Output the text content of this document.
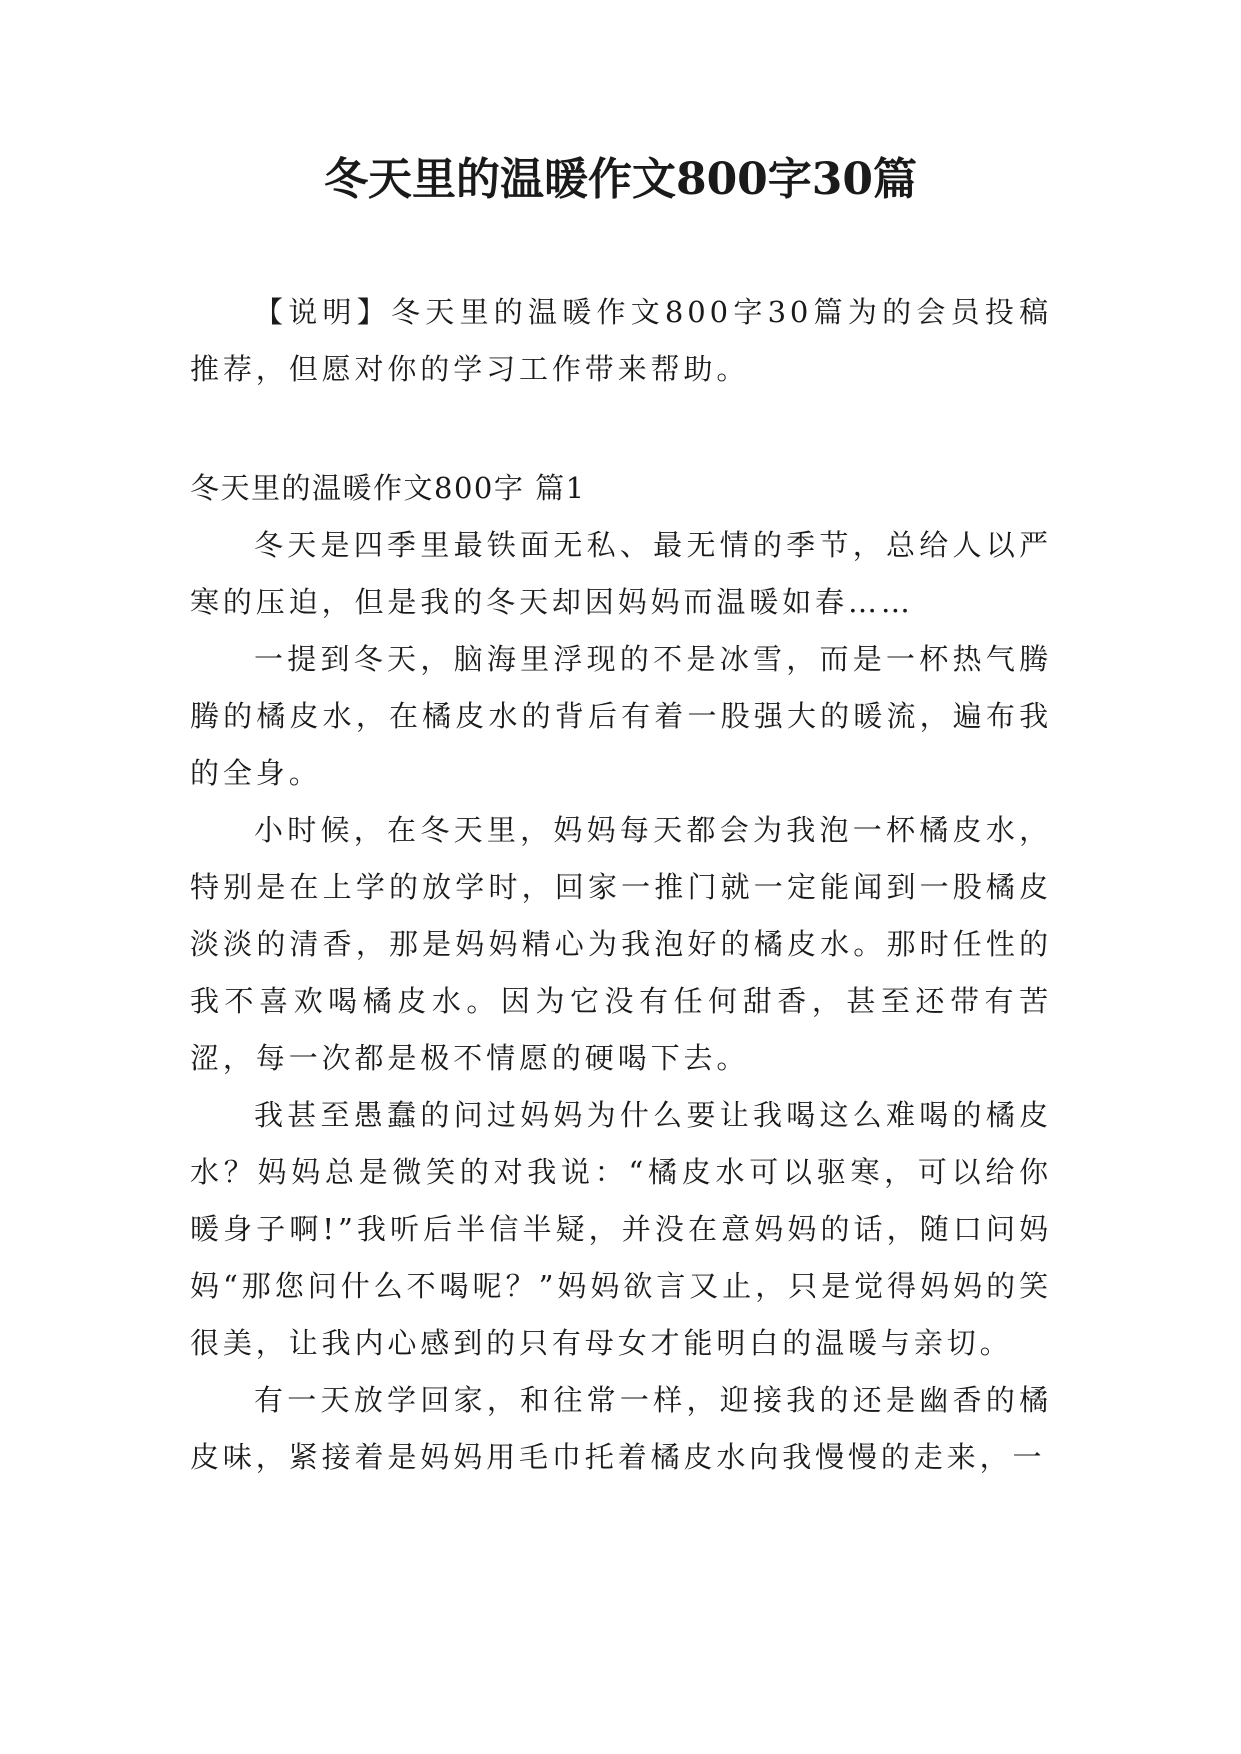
冬天里的温暖作文800字30篇

【说明】冬天里的温暖作文800字30篇为的会员投稿推荐，但愿对你的学习工作带来帮助。

冬天里的温暖作文800字 篇1

冬天是四季里最铁面无私、最无情的季节，总给人以严寒的压迫，但是我的冬天却因妈妈而温暖如春……

一提到冬天，脑海里浮现的不是冰雪，而是一杯热气腾腾的橘皮水，在橘皮水的背后有着一股强大的暖流，遍布我的全身。

小时候，在冬天里，妈妈每天都会为我泡一杯橘皮水，特别是在上学的放学时，回家一推门就一定能闻到一股橘皮淡淡的清香，那是妈妈精心为我泡好的橘皮水。那时任性的我不喜欢喝橘皮水。因为它没有任何甜香，甚至还带有苦涩，每一次都是极不情愿的硬喝下去。

我甚至愚蠢的问过妈妈为什么要让我喝这么难喝的橘皮水？妈妈总是微笑的对我说：“橘皮水可以驱寒，可以给你暖身子啊!”我听后半信半疑，并没在意妈妈的话，随口问妈妈“那您问什么不喝呢？”妈妈欲言又止，只是觉得妈妈的笑很美，让我内心感到的只有母女才能明白的温暖与亲切。

有一天放学回家，和往常一样，迎接我的还是幽香的橘皮味，紧接着是妈妈用毛巾托着橘皮水向我慢慢的走来，一
